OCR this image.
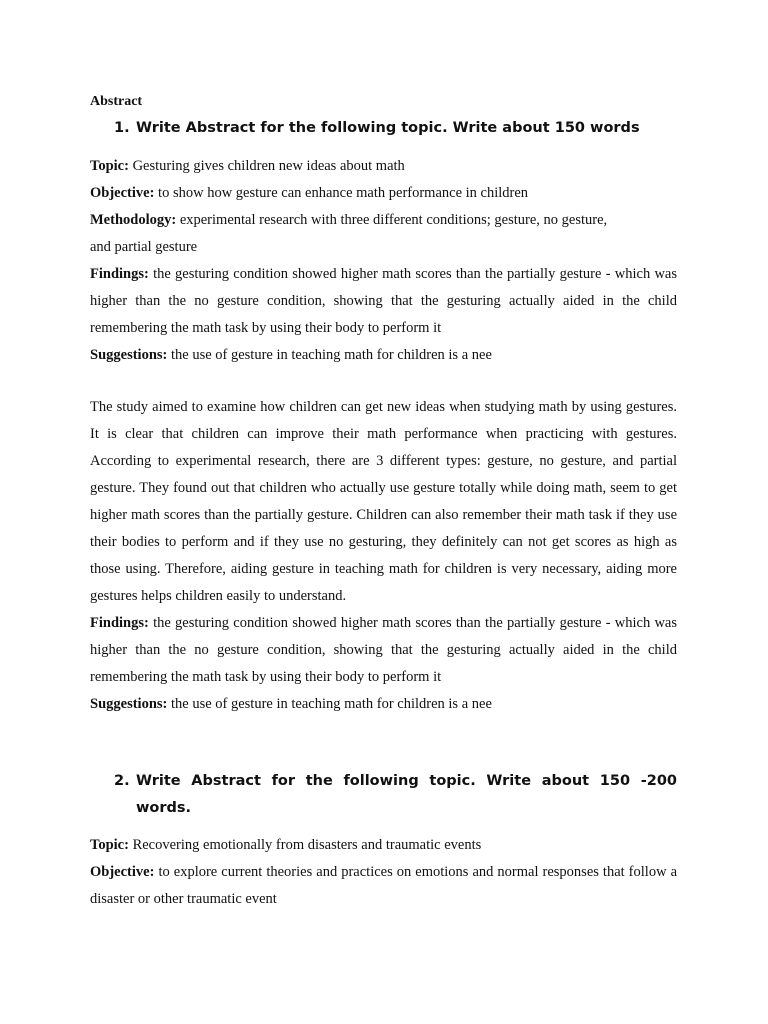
Abstract
1. Write Abstract for the following topic. Write about 150 words

Topic: Gesturing gives children new ideas about math

Objective: to show how gesture can enhance math performance in children

Methodology: experimental research with three different conditions; gesture, no gesture,

and partial gesture

Findings: the gesturing condition showed higher math scores than the partially gesture - which was higher than the no gesture condition, showing that the gesturing actually aided in the child remembering the math task by using their body to perform it

Suggestions: the use of gesture in teaching math for children is a nee

The study aimed to examine how children can get new ideas when studying math by using gestures. It is clear that children can improve their math performance when practicing with gestures. According to experimental research, there are 3 different types: gesture, no gesture, and partial gesture. They found out that children who actually use gesture totally while doing math, seem to get higher math scores than the partially gesture. Children can also remember their math task if they use their bodies to perform and if they use no gesturing, they definitely can not get scores as high as those using. Therefore, aiding gesture in teaching math for children is very necessary, aiding more gestures helps children easily to understand.

Findings: the gesturing condition showed higher math scores than the partially gesture - which was higher than the no gesture condition, showing that the gesturing actually aided in the child remembering the math task by using their body to perform it

Suggestions: the use of gesture in teaching math for children is a nee

2. Write Abstract for the following topic. Write about 150 -200 words.

Topic: Recovering emotionally from disasters and traumatic events

Objective: to explore current theories and practices on emotions and normal responses that follow a disaster or other traumatic event
